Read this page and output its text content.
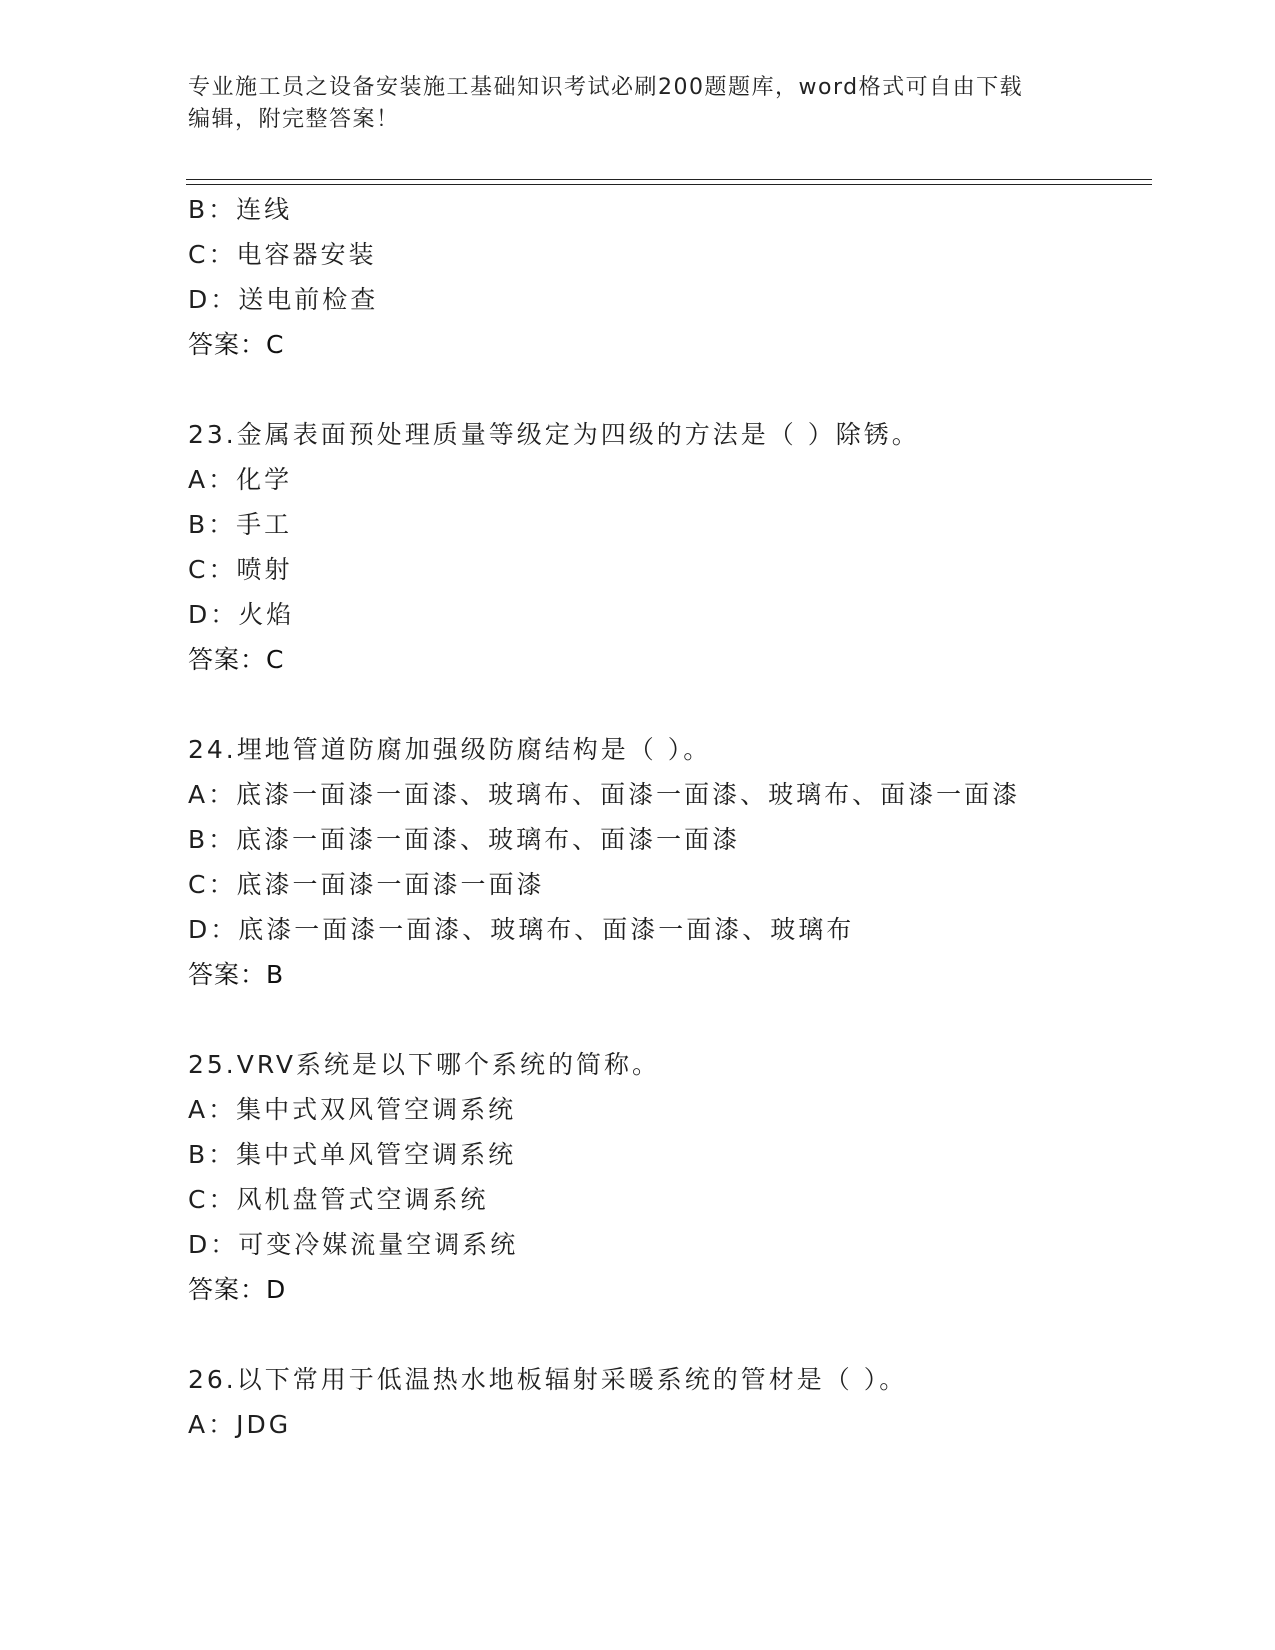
专业施工员之设备安装施工基础知识考试必刷200题题库，word格式可自由下载
编辑，附完整答案！
B：连线
C：电容器安装
D：送电前检查
答案：C
23.金属表面预处理质量等级定为四级的方法是（ ）除锈。
A：化学
B：手工
C：喷射
D：火焰
答案：C
24.埋地管道防腐加强级防腐结构是（ ）。
A：底漆一面漆一面漆、玻璃布、面漆一面漆、玻璃布、面漆一面漆
B：底漆一面漆一面漆、玻璃布、面漆一面漆
C：底漆一面漆一面漆一面漆
D：底漆一面漆一面漆、玻璃布、面漆一面漆、玻璃布
答案：B
25.VRV系统是以下哪个系统的简称。
A：集中式双风管空调系统
B：集中式单风管空调系统
C：风机盘管式空调系统
D：可变冷媒流量空调系统
答案：D
26.以下常用于低温热水地板辐射采暖系统的管材是（ ）。
A：JDG
